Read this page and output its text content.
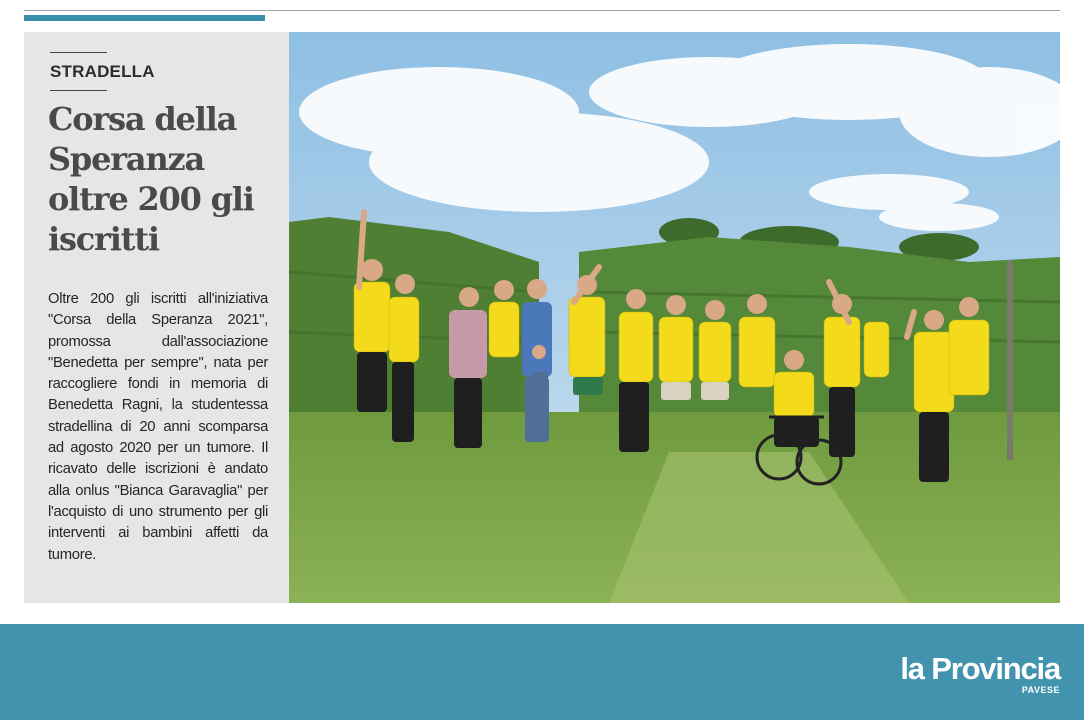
STRADELLA

Corsa della Speranza oltre 200 gli iscritti

Oltre 200 gli iscritti all'iniziativa "Corsa della Speranza 2021", promossa dall'associazione "Benedetta per sempre", nata per raccogliere fondi in memoria di Benedetta Ragni, la studentessa stradellina di 20 anni scomparsa ad agosto 2020 per un tumore. Il ricavato delle iscrizioni è andato alla onlus "Bianca Garavaglia" per l'acquisto di uno strumento per gli interventi ai bambini affetti da tumore.

la Provincia

PAVESE
